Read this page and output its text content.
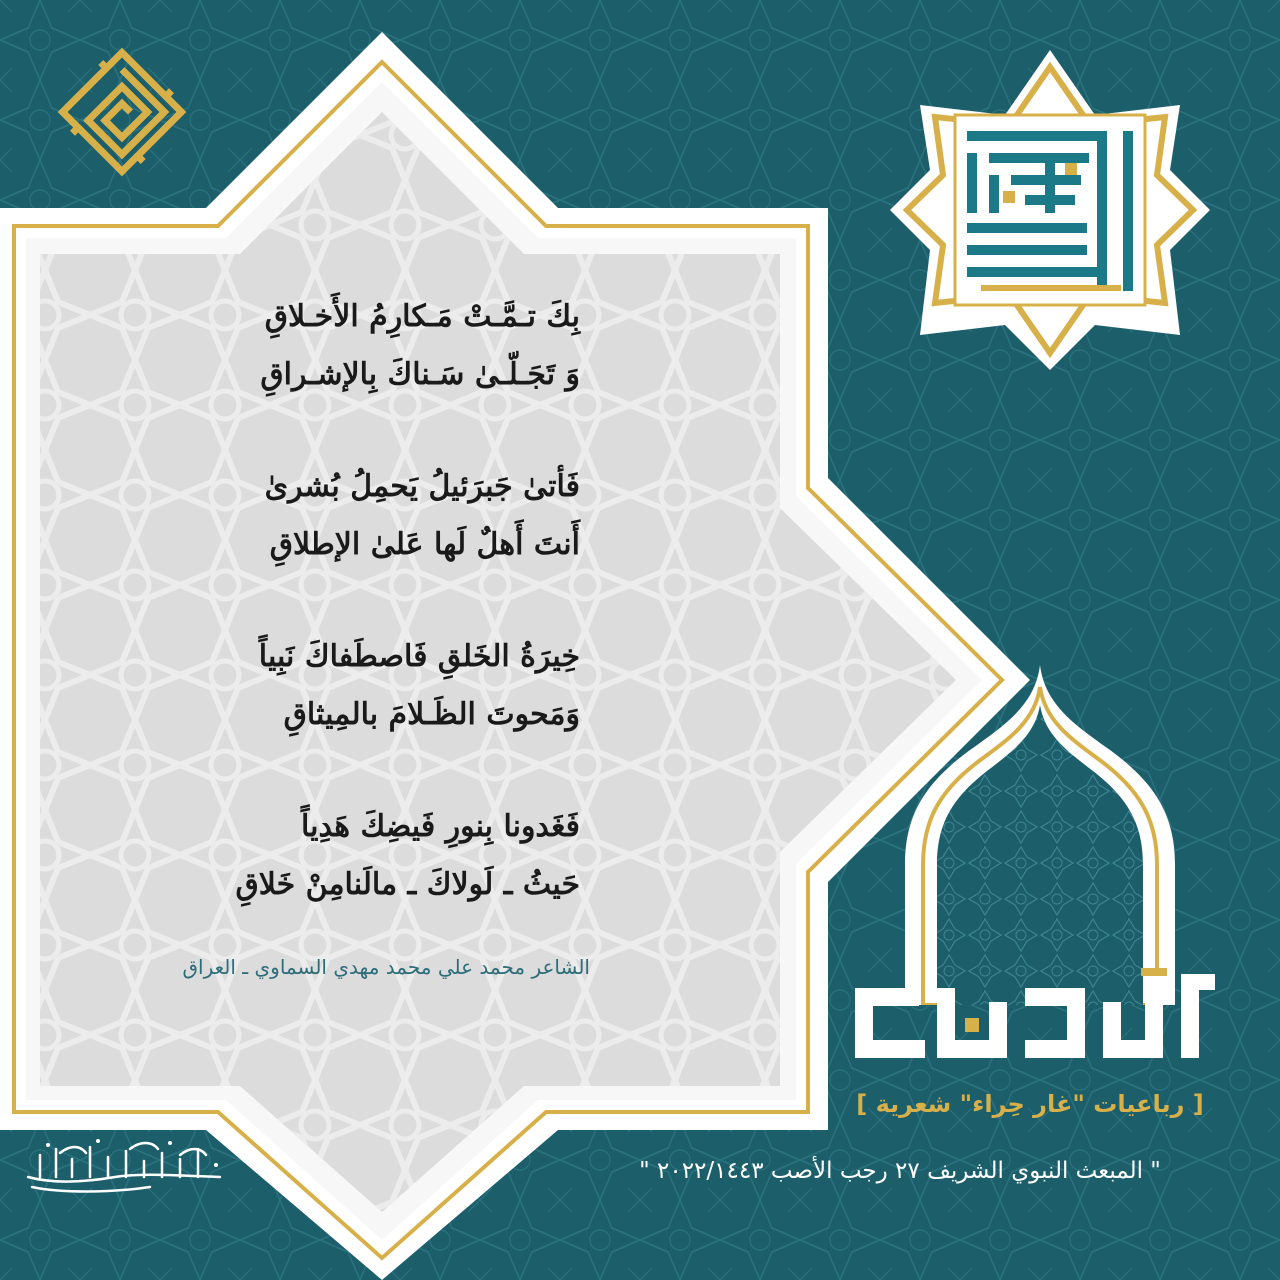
[ رباعيات "غار حِراء" شعرية ]
" المبعث النبوي الشريف ٢٧ رجب الأصب ٢٠٢٢/١٤٤٣ "
بِكَ تـمَّـتْ مَـكارِمُ الأَخـلاقِ
وَ تَجَـلّـىٰ سَـناكَ بِالإشـراقِ
فَأتىٰ جَبرَئيلُ يَحمِلُ بُشرىٰ
أَنتَ أَهلٌ لَها عَلىٰ الإطلاقِ
خِيرَةُ الخَلقِ فَاصطَفاكَ نَبِياً
وَمَحوتَ الظَـلامَ بالمِيثاقِ
فَغَدونا بِنورِ فَيضِكَ هَدِياً
حَيثُ ـ لَولاكَ ـ مالَنامِنْ خَلاقِ
الشاعر محمد علي محمد مهدي السماوي ـ العراق
